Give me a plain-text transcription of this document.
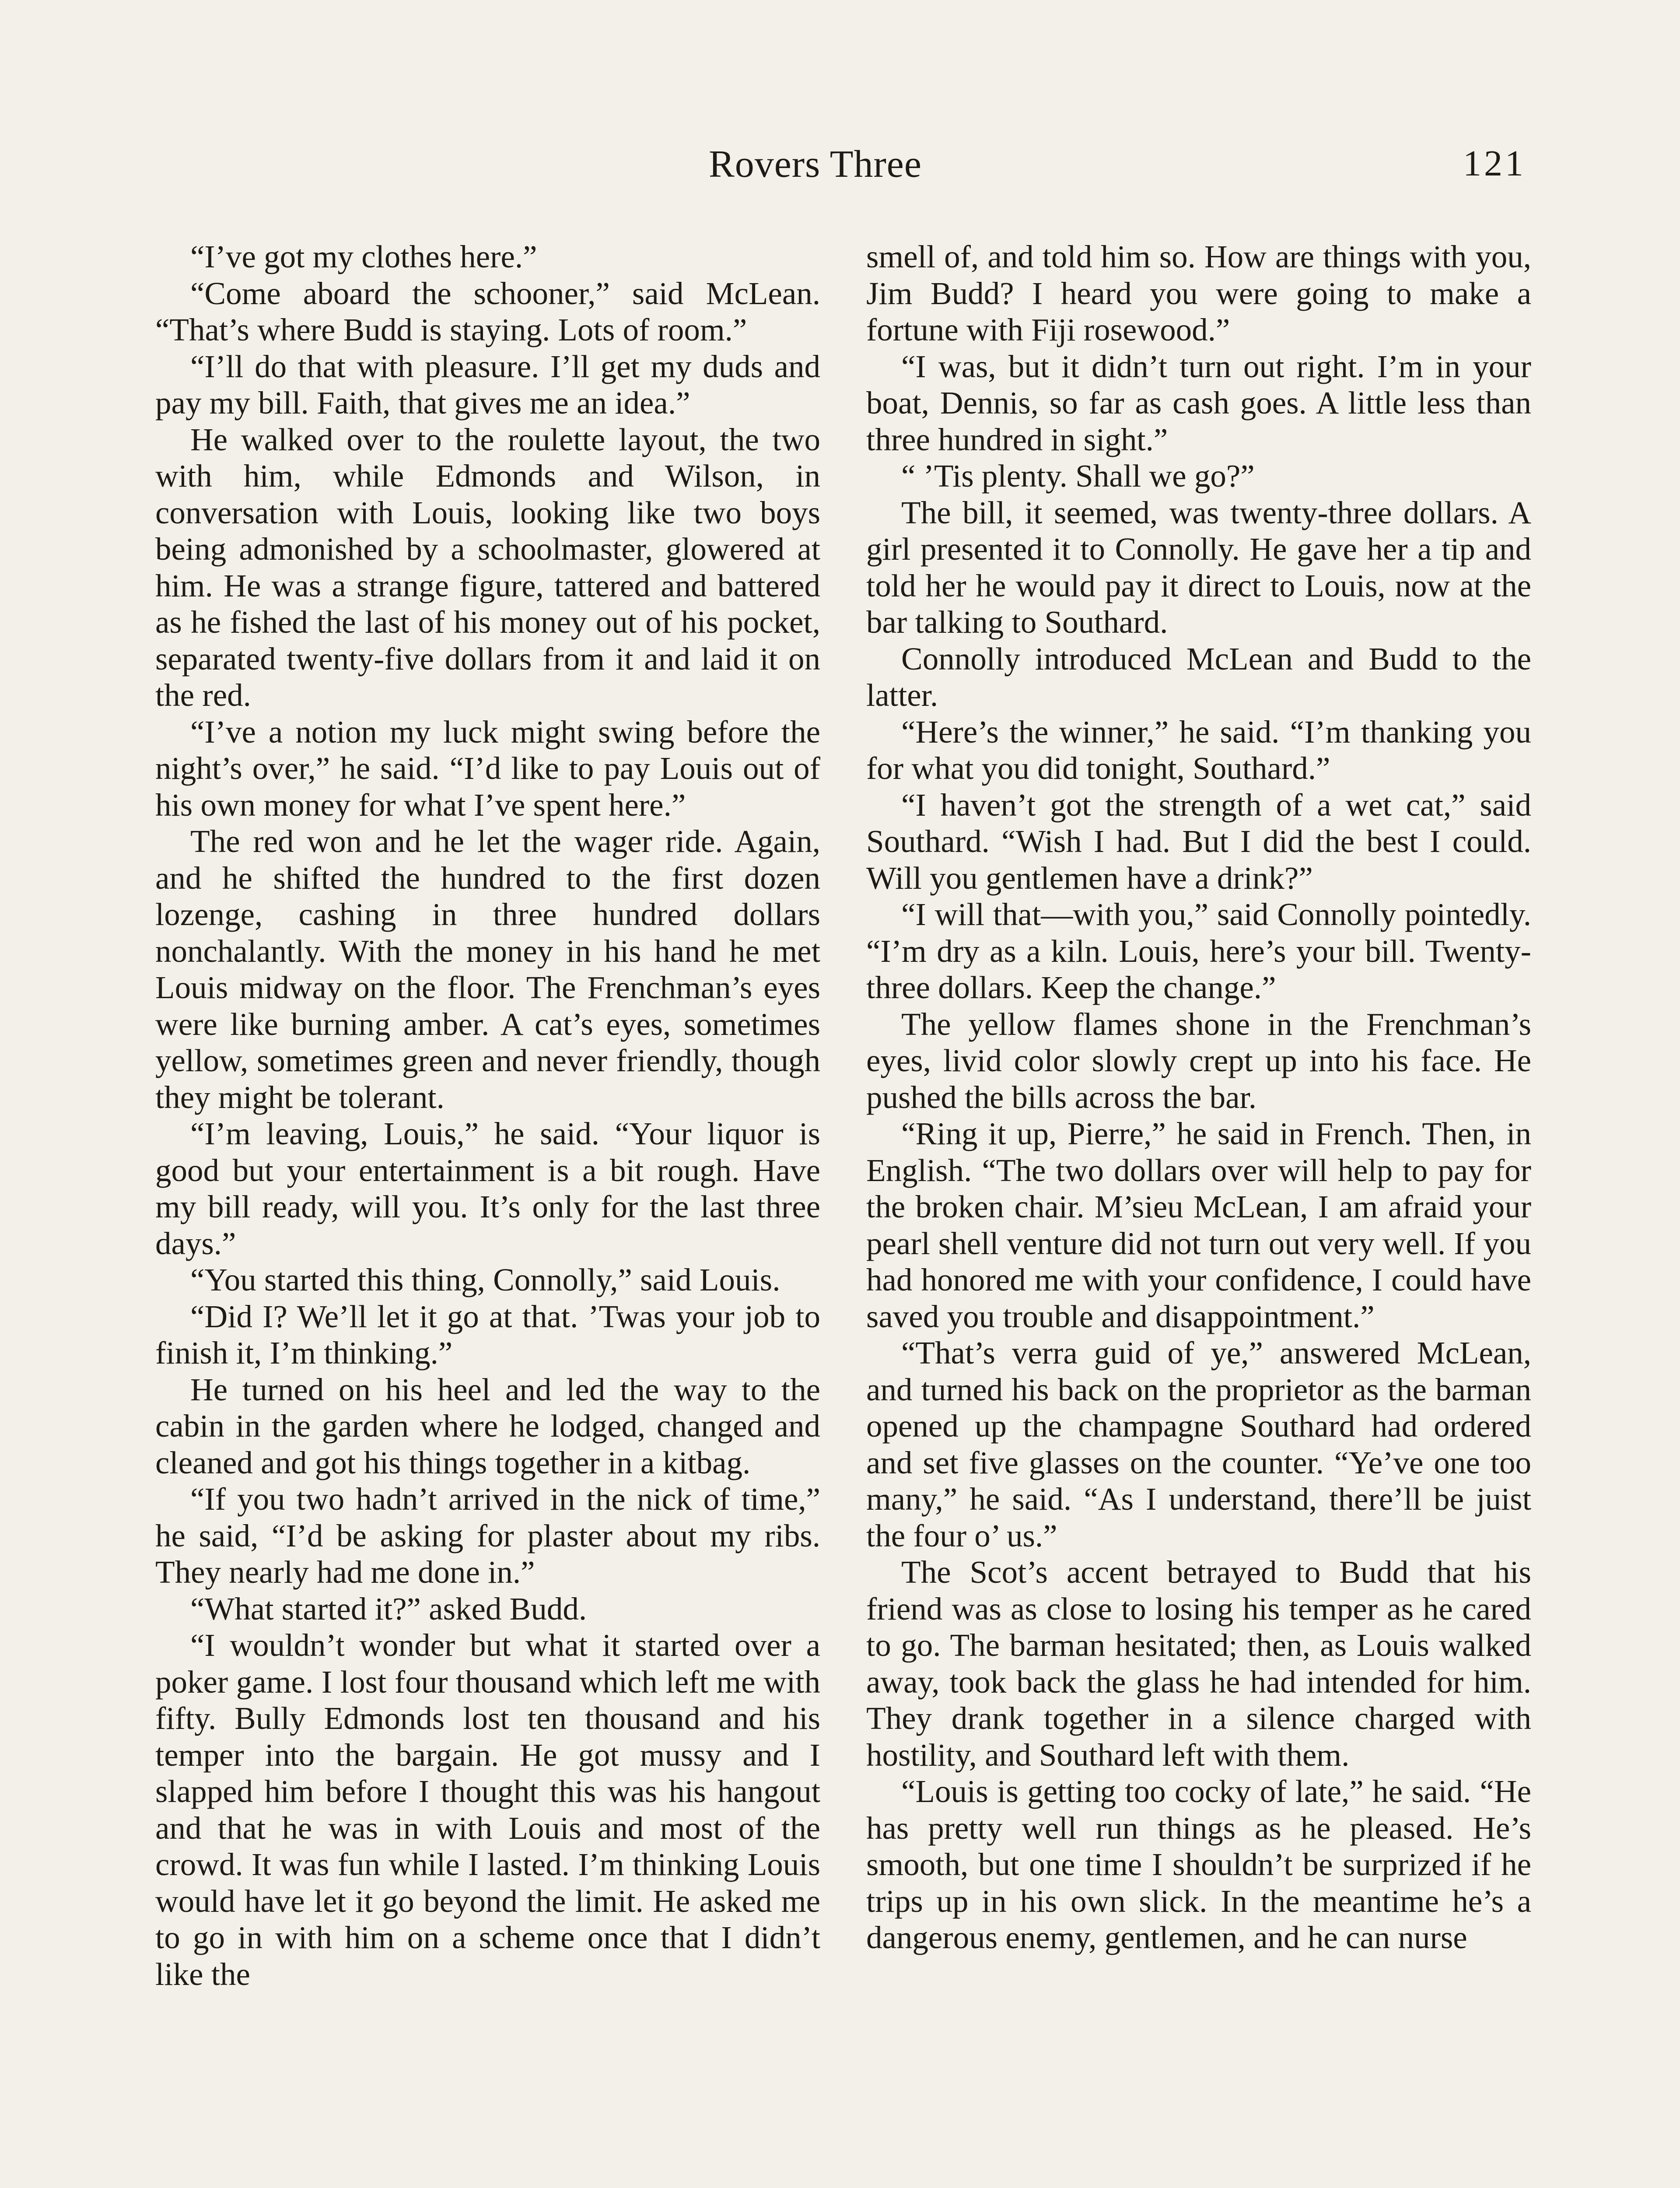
Rovers Three	121

“I’ve got my clothes here.”

“Come aboard the schooner,” said McLean. “That’s where Budd is staying. Lots of room.”

“I’ll do that with pleasure. I’ll get my duds and pay my bill. Faith, that gives me an idea.”

He walked over to the roulette layout, the two with him, while Edmonds and Wilson, in conversation with Louis, looking like two boys being admonished by a schoolmaster, glowered at him. He was a strange figure, tattered and battered as he fished the last of his money out of his pocket, separated twenty-five dollars from it and laid it on the red.

“I’ve a notion my luck might swing before the night’s over,” he said. “I’d like to pay Louis out of his own money for what I’ve spent here.”

The red won and he let the wager ride. Again, and he shifted the hundred to the first dozen lozenge, cashing in three hundred dollars nonchalantly. With the money in his hand he met Louis midway on the floor. The Frenchman’s eyes were like burning amber. A cat’s eyes, sometimes yellow, sometimes green and never friendly, though they might be tolerant.

“I’m leaving, Louis,” he said. “Your liquor is good but your entertainment is a bit rough. Have my bill ready, will you. It’s only for the last three days.”

“You started this thing, Connolly,” said Louis.

“Did I? We’ll let it go at that. ’Twas your job to finish it, I’m thinking.”

He turned on his heel and led the way to the cabin in the garden where he lodged, changed and cleaned and got his things together in a kitbag.

“If you two hadn’t arrived in the nick of time,” he said, “I’d be asking for plaster about my ribs. They nearly had me done in.”

“What started it?” asked Budd.

“I wouldn’t wonder but what it started over a poker game. I lost four thousand which left me with fifty. Bully Edmonds lost ten thousand and his temper into the bargain. He got mussy and I slapped him before I thought this was his hangout and that he was in with Louis and most of the crowd. It was fun while I lasted. I’m thinking Louis would have let it go beyond the limit. He asked me to go in with him on a scheme once that I didn’t like the

smell of, and told him so. How are things with you, Jim Budd? I heard you were going to make a fortune with Fiji rosewood.”

“I was, but it didn’t turn out right. I’m in your boat, Dennis, so far as cash goes. A little less than three hundred in sight.”

“ ’Tis plenty. Shall we go?”

The bill, it seemed, was twenty-three dollars. A girl presented it to Connolly. He gave her a tip and told her he would pay it direct to Louis, now at the bar talking to Southard.

Connolly introduced McLean and Budd to the latter.

“Here’s the winner,” he said. “I’m thanking you for what you did tonight, Southard.”

“I haven’t got the strength of a wet cat,” said Southard. “Wish I had. But I did the best I could. Will you gentlemen have a drink?”

“I will that—with you,” said Connolly pointedly. “I’m dry as a kiln. Louis, here’s your bill. Twenty-three dollars. Keep the change.”

The yellow flames shone in the Frenchman’s eyes, livid color slowly crept up into his face. He pushed the bills across the bar.

“Ring it up, Pierre,” he said in French. Then, in English. “The two dollars over will help to pay for the broken chair. M’sieu McLean, I am afraid your pearl shell venture did not turn out very well. If you had honored me with your confidence, I could have saved you trouble and disappointment.”

“That’s verra guid of ye,” answered McLean, and turned his back on the proprietor as the barman opened up the champagne Southard had ordered and set five glasses on the counter. “Ye’ve one too many,” he said. “As I understand, there’ll be juist the four o’ us.”

The Scot’s accent betrayed to Budd that his friend was as close to losing his temper as he cared to go. The barman hesitated; then, as Louis walked away, took back the glass he had intended for him. They drank together in a silence charged with hostility, and Southard left with them.

“Louis is getting too cocky of late,” he said. “He has pretty well run things as he pleased. He’s smooth, but one time I shouldn’t be surprized if he trips up in his own slick. In the meantime he’s a dangerous enemy, gentlemen, and he can nurse
